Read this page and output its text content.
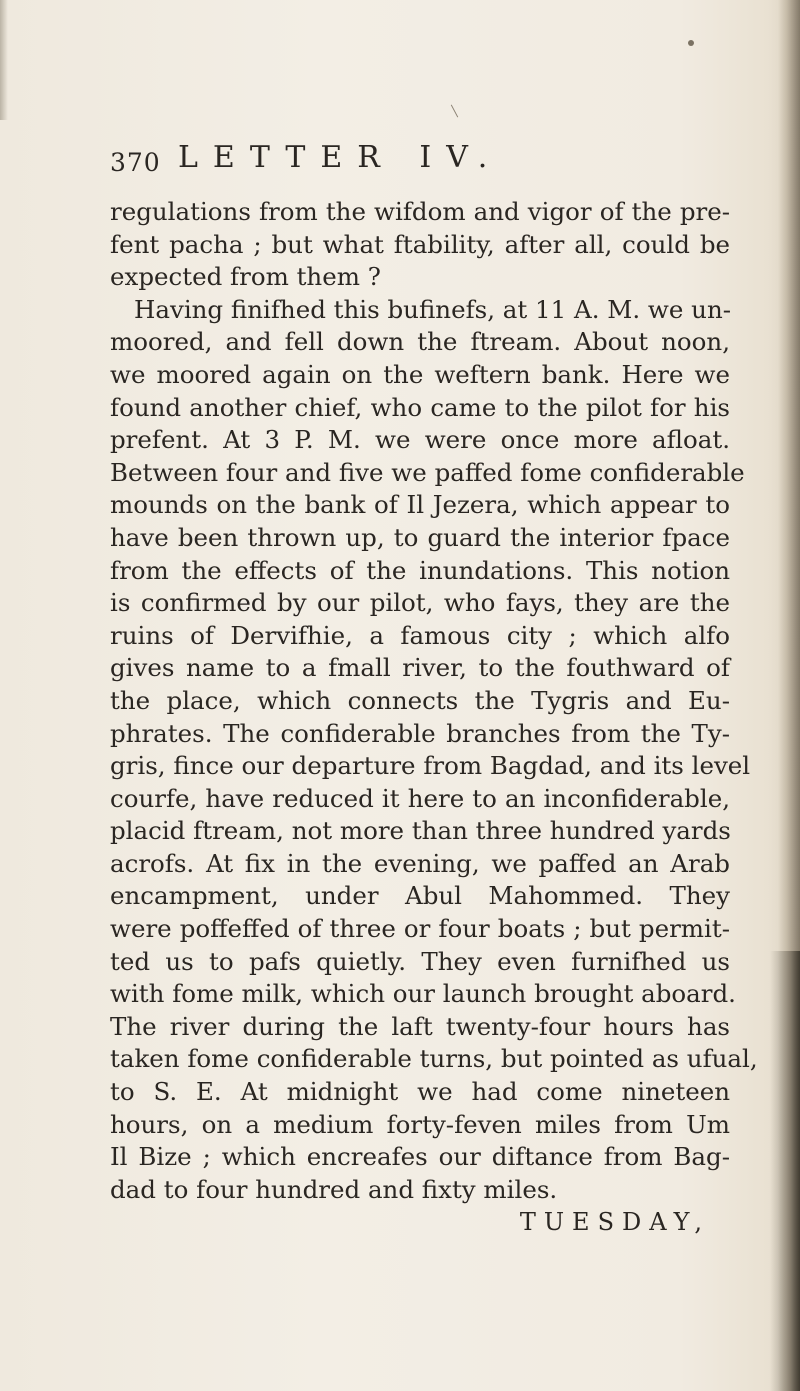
370 LETTER IV.
regulations from the wifdom and vigor of the pre-
fent pacha ; but what ftability, after all, could be
expected from them ?
Having finifhed this bufinefs, at 11 A. M. we un-
moored, and fell down the ftream. About noon,
we moored again on the weftern bank. Here we
found another chief, who came to the pilot for his
prefent. At 3 P. M. we were once more afloat.
Between four and five we paffed fome confiderable
mounds on the bank of Il Jezera, which appear to
have been thrown up, to guard the interior fpace
from the effects of the inundations. This notion
is confirmed by our pilot, who fays, they are the
ruins of Dervifhie, a famous city ; which alfo
gives name to a fmall river, to the fouthward of
the place, which connects the Tygris and Eu-
phrates. The confiderable branches from the Ty-
gris, fince our departure from Bagdad, and its level
courfe, have reduced it here to an inconfiderable,
placid ftream, not more than three hundred yards
acrofs. At fix in the evening, we paffed an Arab
encampment, under Abul Mahommed. They
were poffeffed of three or four boats ; but permit-
ted us to pafs quietly. They even furnifhed us
with fome milk, which our launch brought aboard.
The river during the laft twenty-four hours has
taken fome confiderable turns, but pointed as ufual,
to S. E. At midnight we had come nineteen
hours, on a medium forty-feven miles from Um
Il Bize ; which encreafes our diftance from Bag-
dad to four hundred and fixty miles.
TUESDAY,
